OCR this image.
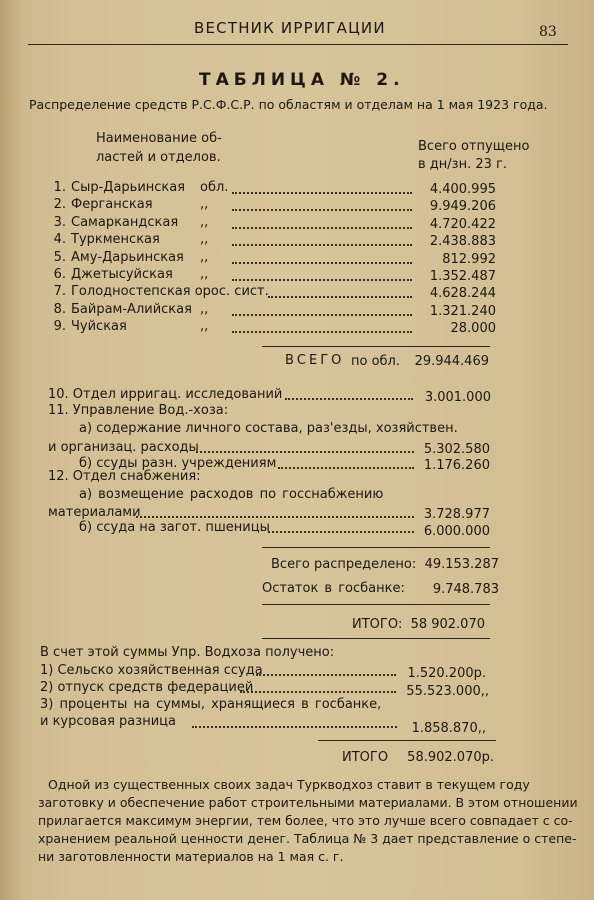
ВЕСТНИК ИРРИГАЦИИ	83
ТАБЛИЦА № 2.
Распределение средств Р.С.Ф.С.Р. по областям и отделам на 1 мая 1923 года.
Наименование об-
ластей и отделов.
Всего отпущено
в дн/зн. 23 г.
1. Сыр-Дарьинская обл.	4.400.995
2. Ферганская	,,	9.949.206
3. Самаркандская ,,	4.720.422
4. Туркменская	,,	2.438.883
5. Аму-Дарьинская ,,	812.992
6. Джетысуйская ,,	1.352.487
7. Голодностепская орос. сист.	4.628.244
8. Байрам-Алийская ,,	1.321.240
9. Чуйская	,,	28.000
ВСЕГО по обл. 29.944.469
10. Отдел ирригац. исследований	3.001.000
11. Управление Вод.-хоза:
а) содержание личного состава, раз'езды, хозяйствен.
и организац. расходы	5.302.580
б) ссуды разн. учреждениям	1.176.260
12. Отдел снабжения:
а) возмещение расходов по госснабжению
материалами	3.728.977
б) ссуда на загот. пшеницы	6.000.000
Всего распределено: 49.153.287
Остаток в госбанке: 9.748.783
ИТОГО: 58 902.070
В счет этой суммы Упр. Водхоза получено:
1) Сельско хозяйственная ссуда	1.520.200р.
2) отпуск средств федерацией	55.523.000,,
3) проценты на суммы, хранящиеся в госбанке,
и курсовая разница	1.858.870,,
ИТОГО 58.902.070р.
Одной из существенных своих задач Туркводхоз ставит в текущем году
заготовку и обеспечение работ строительными материалами. В этом отношении
прилагается максимум энергии, тем более, что это лучше всего совпадает с со-
хранением реальной ценности денег. Таблица № 3 дает представление о степе-
ни заготовленности материалов на 1 мая с. г.
